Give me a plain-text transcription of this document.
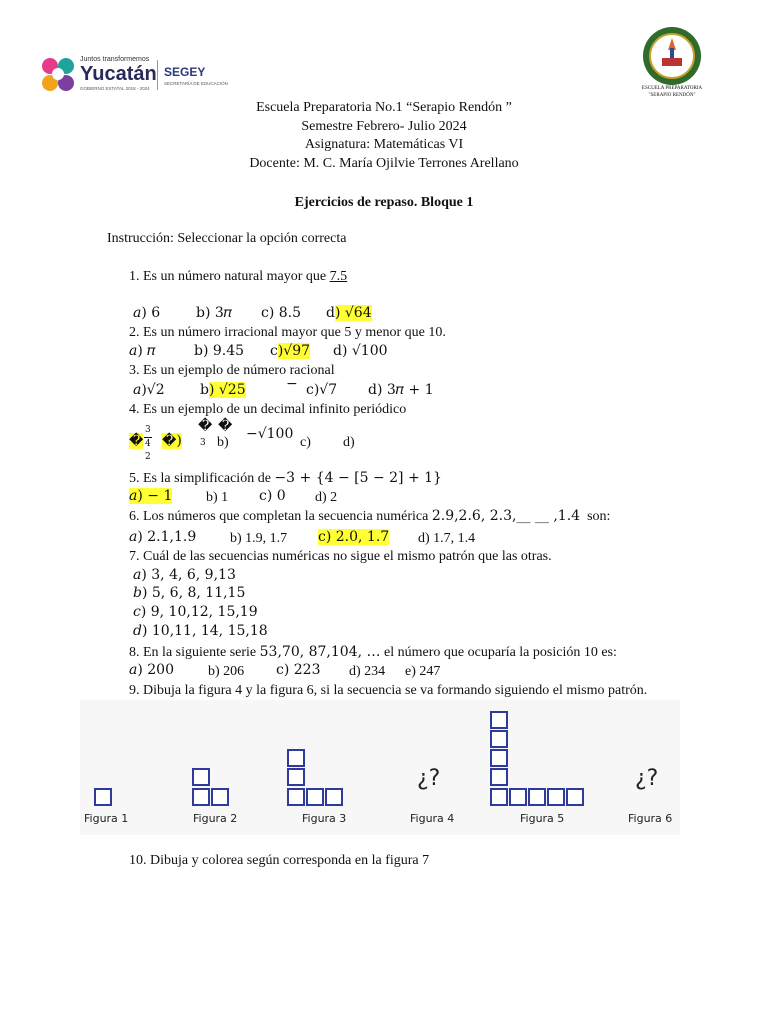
Juntos transformemos
Yucatán
GOBIERNO ESTATAL 2018 - 2024
SEGEY
SECRETARÍA DE EDUCACIÓN
ESCUELA PREPARATORIA
"SERAPIO RENDÓN"
Escuela Preparatoria No.1 “Serapio Rendón ”
Semestre Febrero- Julio 2024
Asignatura: Matemáticas VI
Docente: M. C. María Ojilvie Terrones Arellano
Ejercicios de repaso. Bloque 1
Instrucción: Seleccionar la opción correcta
1. Es un número natural mayor que 7.5
𝑎) 6	b) 3𝜋 c) 8.5 d) √64
2. Es un número irracional mayor que 5 y menor que 10.
𝑎) 𝜋	b) 9.45 c)√97 d) √100
3. Es un ejemplo de número racional
𝑎)√2	b) √25	− c)√7 d) 3𝜋 + 1
4. Es un ejemplo de un decimal infinito periódico
�
3
4
2
�)
� �
3 b)
−√100
c) d)
5. Es la simplificación de −3 + {4 − [5 − 2] + 1}
𝑎) − 1 b) 1 c) 0 d) 2
6. Los números que completan la secuencia numérica 2.9,2.6, 2.3,__ __ ,1.4 son:
𝑎) 2.1,1.9 b) 1.9, 1.7 c) 2.0, 1.7 d) 1.7, 1.4
7. Cuál de las secuencias numéricas no sigue el mismo patrón que las otras.
𝑎) 3, 4, 6, 9,13
𝑏) 5, 6, 8, 11,15
𝑐) 9, 10,12, 15,19
𝑑) 10,11, 14, 15,18
8. En la siguiente serie 53,70, 87,104, … el número que ocuparía la posición 10 es:
𝑎) 200 b) 206 c) 223 d) 234 e) 247
9. Dibuja la figura 4 y la figura 6, si la secuencia se va formando siguiendo el mismo patrón.
¿?	¿?
Figura 1	Figura 2	Figura 3	Figura 4	Figura 5	Figura 6
10. Dibuja y colorea según corresponda en la figura 7
